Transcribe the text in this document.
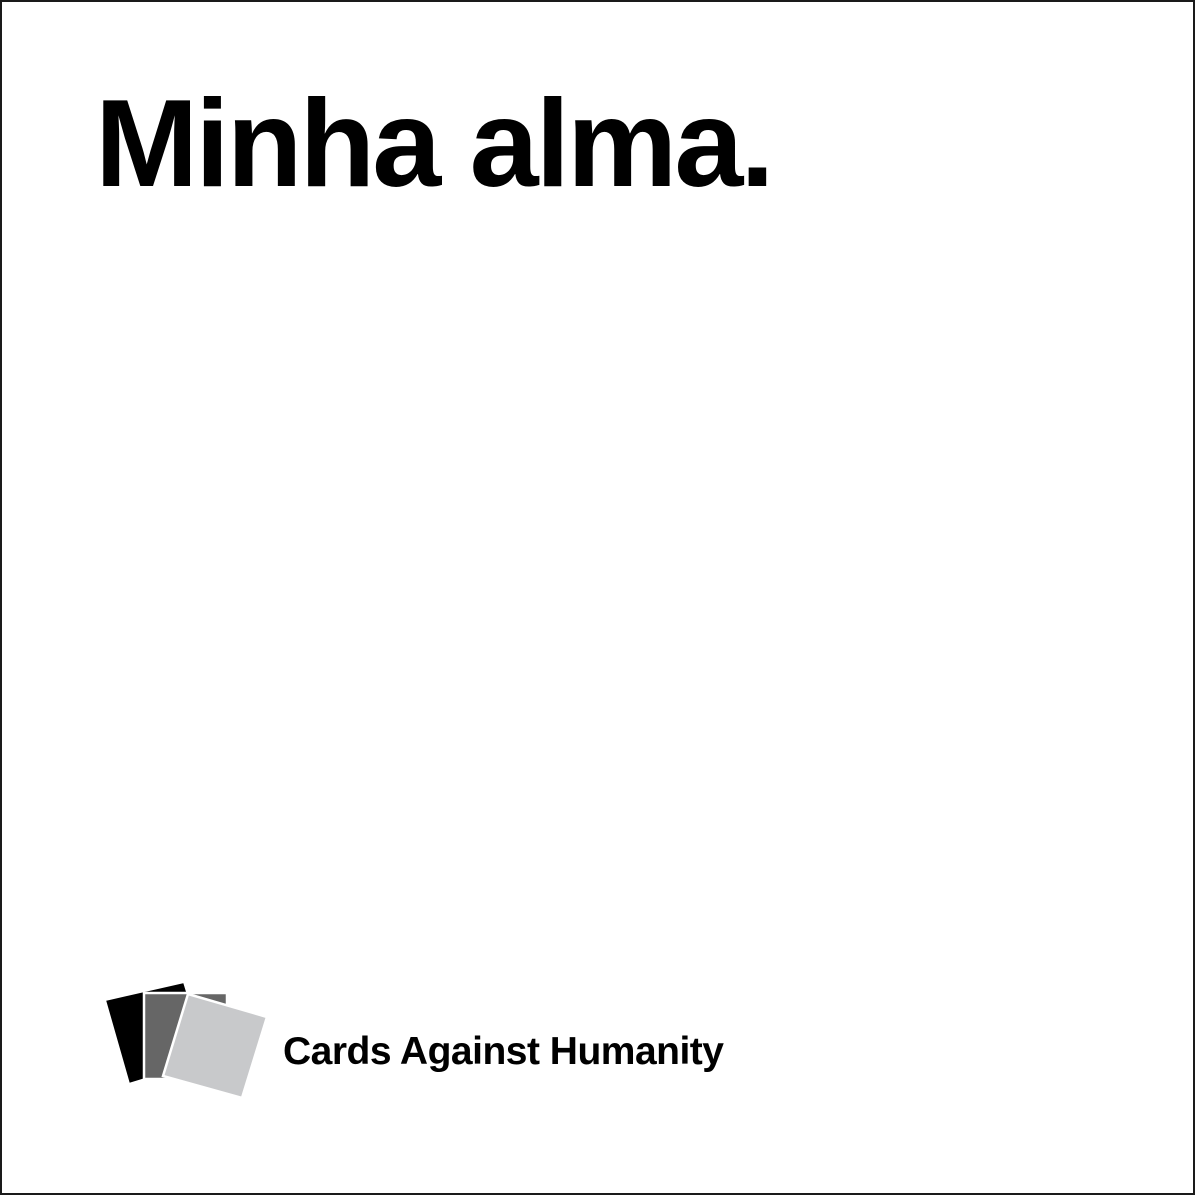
Minha alma.
Cards Against Humanity
